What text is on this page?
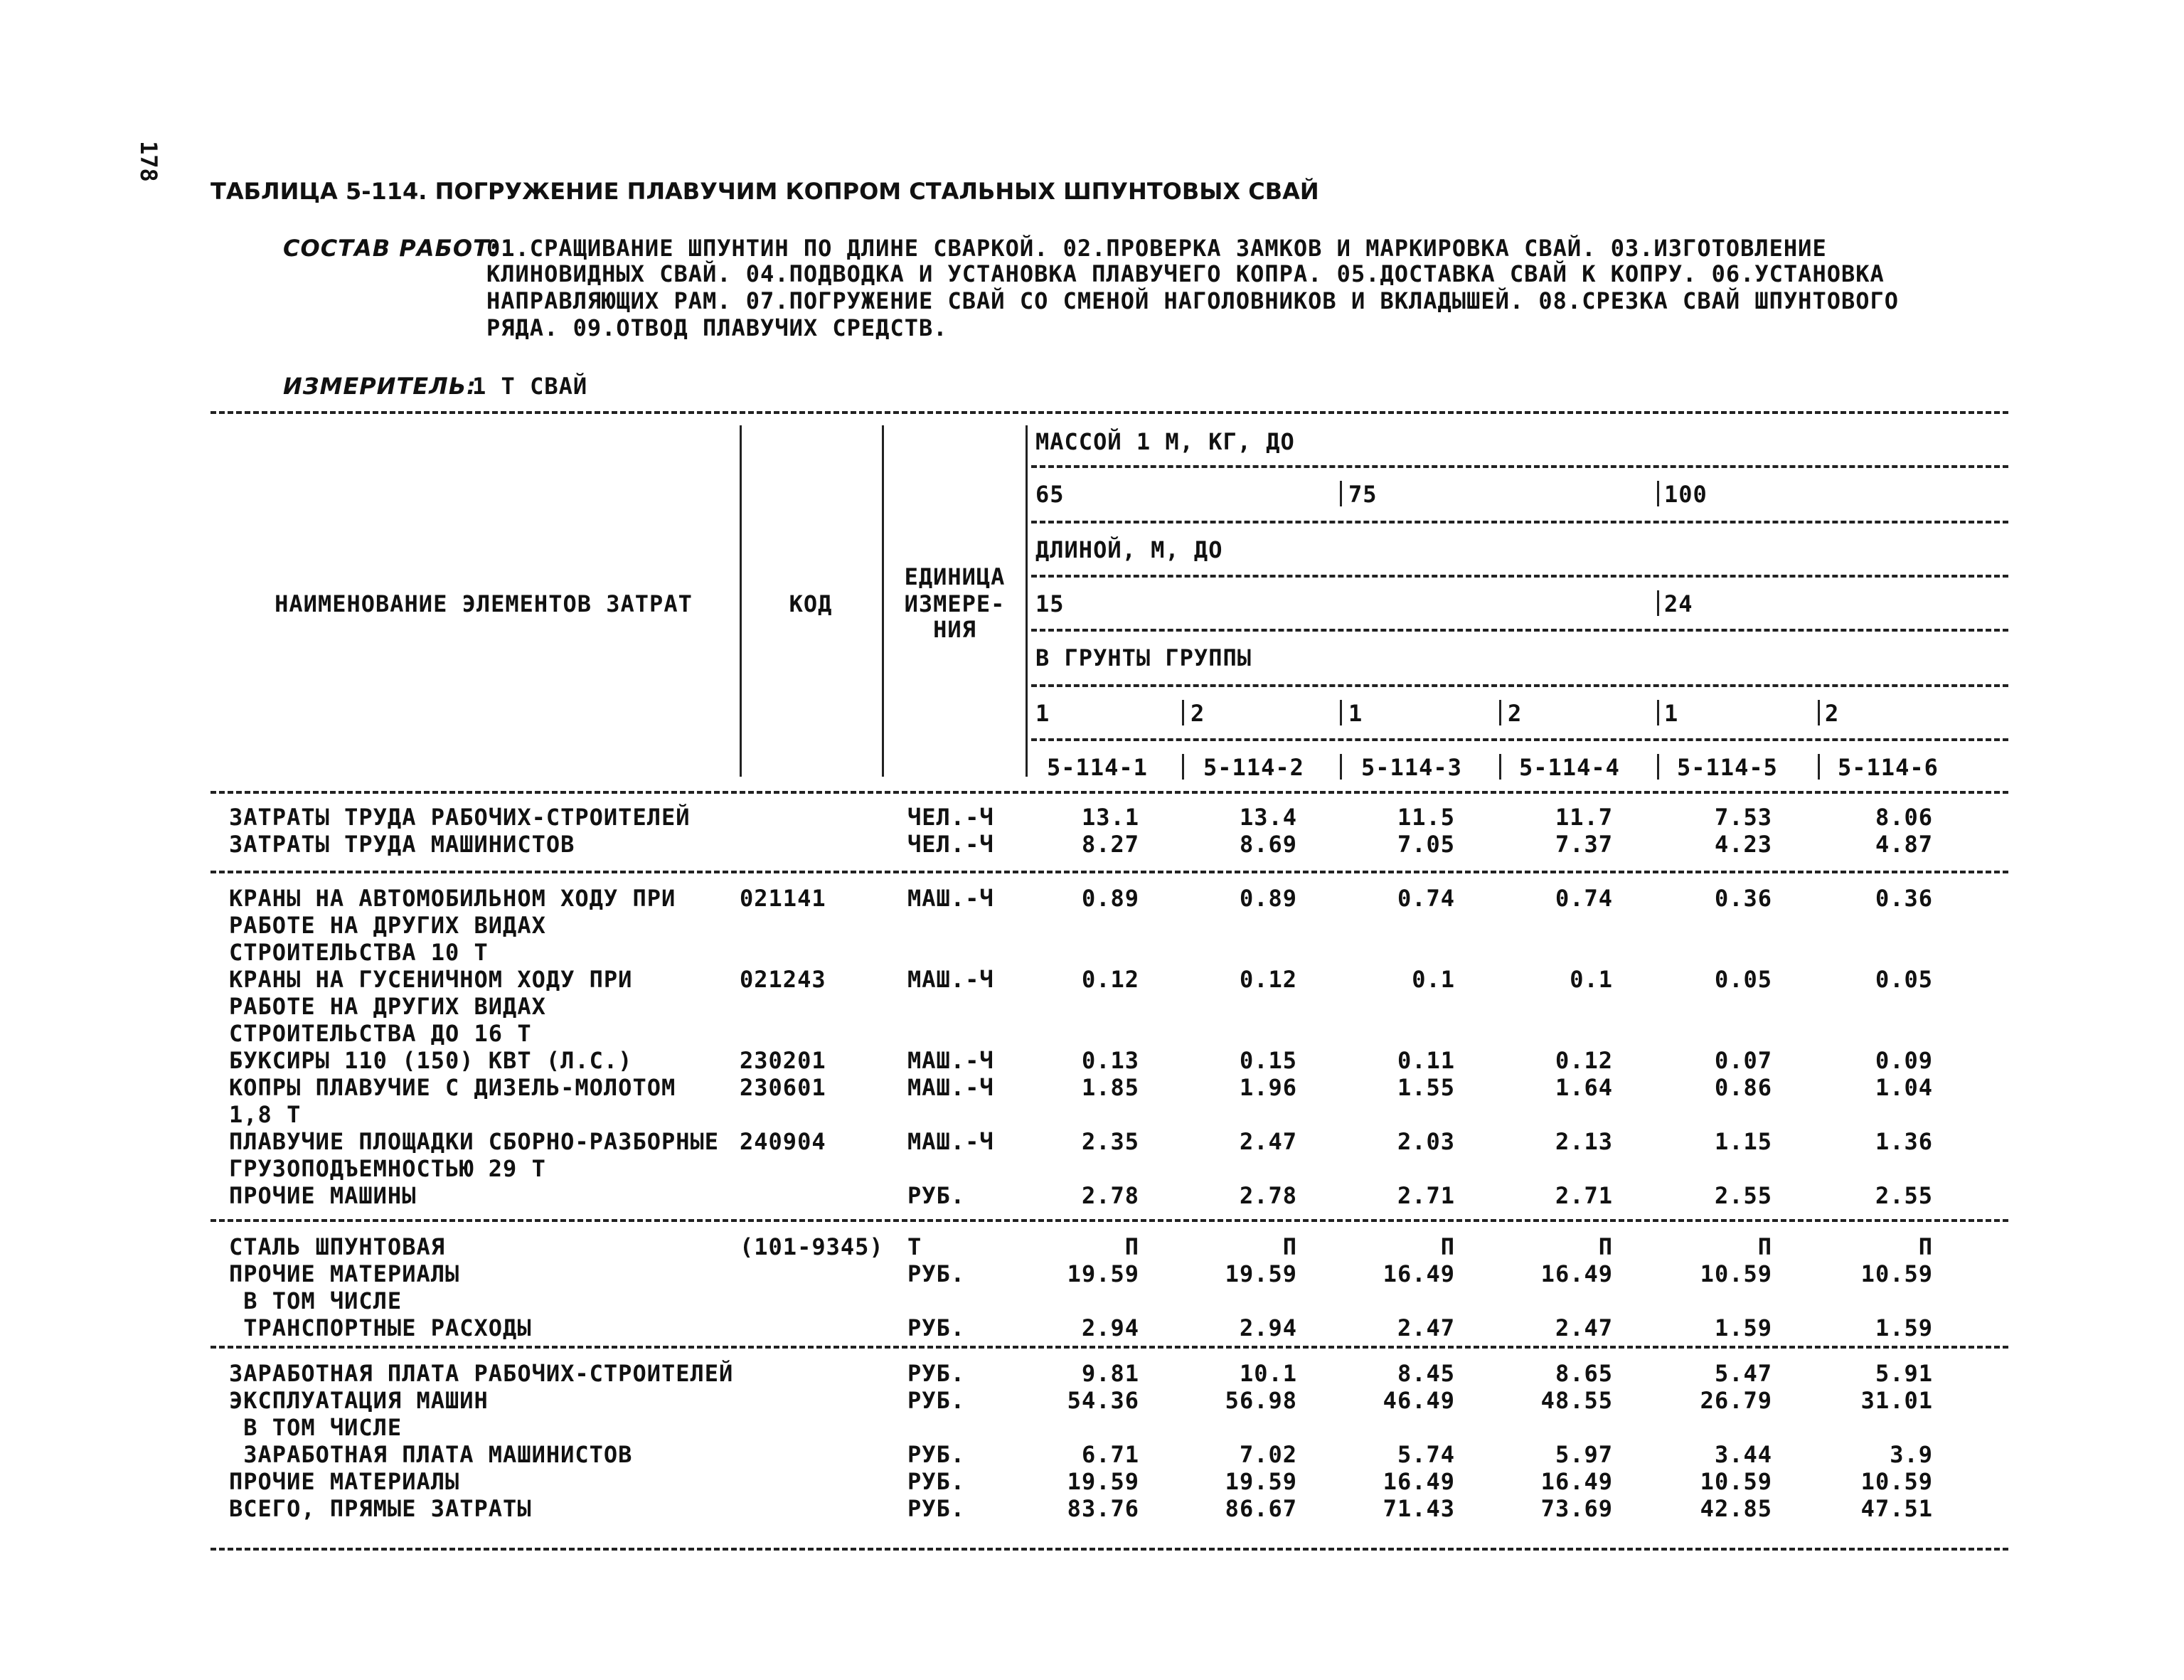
178
ТАБЛИЦА 5-114. ПОГРУЖЕНИЕ ПЛАВУЧИМ КОПРОМ СТАЛЬНЫХ ШПУНТОВЫХ СВАЙ
СОСТАВ РАБОТ:
01.СРАЩИВАНИЕ ШПУНТИН ПО ДЛИНЕ СВАРКОЙ. 02.ПРОВЕРКА ЗАМКОВ И МАРКИРОВКА СВАЙ. 03.ИЗГОТОВЛЕНИЕ
КЛИНОВИДНЫХ СВАЙ. 04.ПОДВОДКА И УСТАНОВКА ПЛАВУЧЕГО КОПРА. 05.ДОСТАВКА СВАЙ К КОПРУ. 06.УСТАНОВКА
НАПРАВЛЯЮЩИХ РАМ. 07.ПОГРУЖЕНИЕ СВАЙ СО СМЕНОЙ НАГОЛОВНИКОВ И ВКЛАДЫШЕЙ. 08.СРЕЗКА СВАЙ ШПУНТОВОГО
РЯДА. 09.ОТВОД ПЛАВУЧИХ СРЕДСТВ.
ИЗМЕРИТЕЛЬ:
1 Т СВАЙ
НАИМЕНОВАНИЕ ЭЛЕМЕНТОВ ЗАТРАТ	КОД
ЕДИНИЦА
ИЗМЕРЕ-
НИЯ
МАССОЙ 1 М, КГ, ДО
65	75	100
ДЛИНОЙ, М, ДО
15	24
В ГРУНТЫ ГРУППЫ
1	2	1	2	1	2
5-114-1 5-114-2	5-114-3	5-114-4	5-114-5	5-114-6
ЗАТРАТЫ ТРУДА РАБОЧИХ-СТРОИТЕЛЕЙ	ЧЕЛ.-Ч	13.1	13.4	11.5	11.7	7.53	8.06
ЗАТРАТЫ ТРУДА МАШИНИСТОВ	ЧЕЛ.-Ч	8.27	8.69	7.05	7.37	4.23	4.87
КРАНЫ НА АВТОМОБИЛЬНОМ ХОДУ ПРИ
РАБОТЕ НА ДРУГИХ ВИДАХ
СТРОИТЕЛЬСТВА 10 Т
021141	МАШ.-Ч	0.89	0.89	0.74	0.74	0.36	0.36
КРАНЫ НА ГУСЕНИЧНОМ ХОДУ ПРИ
РАБОТЕ НА ДРУГИХ ВИДАХ
СТРОИТЕЛЬСТВА ДО 16 Т
021243	МАШ.-Ч	0.12	0.12	0.1	0.1	0.05	0.05
БУКСИРЫ 110 (150) КВТ (Л.С.)	230201	МАШ.-Ч	0.13	0.15	0.11	0.12	0.07	0.09
КОПРЫ ПЛАВУЧИЕ С ДИЗЕЛЬ-МОЛОТОМ
1,8 Т
230601	МАШ.-Ч	1.85	1.96	1.55	1.64	0.86	1.04
ПЛАВУЧИЕ ПЛОЩАДКИ СБОРНО-РАЗБОРНЫЕ
ГРУЗОПОДЪЕМНОСТЬЮ 29 Т
240904	МАШ.-Ч	2.35	2.47	2.03	2.13	1.15	1.36
ПРОЧИЕ МАШИНЫ	РУБ.	2.78	2.78	2.71	2.71	2.55	2.55
СТАЛЬ ШПУНТОВАЯ	(101-9345) Т	П	П	П	П	П	П
ПРОЧИЕ МАТЕРИАЛЫ	РУБ.	19.59	19.59	16.49	16.49	10.59	10.59
В ТОМ ЧИСЛЕ
ТРАНСПОРТНЫЕ РАСХОДЫ	РУБ.	2.94	2.94	2.47	2.47	1.59	1.59
ЗАРАБОТНАЯ ПЛАТА РАБОЧИХ-СТРОИТЕЛЕЙ	РУБ.	9.81	10.1	8.45	8.65	5.47	5.91
ЭКСПЛУАТАЦИЯ МАШИН	РУБ.	54.36	56.98	46.49	48.55	26.79	31.01
В ТОМ ЧИСЛЕ
ЗАРАБОТНАЯ ПЛАТА МАШИНИСТОВ	РУБ.	6.71	7.02	5.74	5.97	3.44	3.9
ПРОЧИЕ МАТЕРИАЛЫ	РУБ.	19.59	19.59	16.49	16.49	10.59	10.59
ВСЕГО, ПРЯМЫЕ ЗАТРАТЫ	РУБ.	83.76	86.67	71.43	73.69	42.85	47.51
